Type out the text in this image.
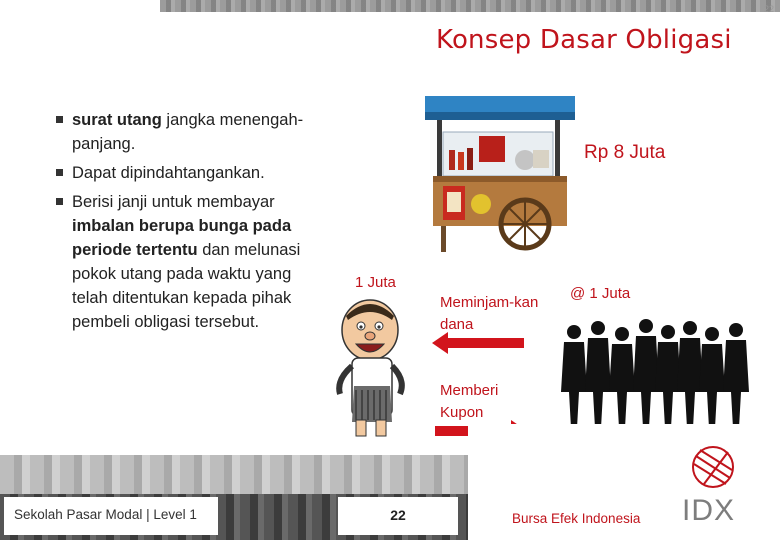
22
Konsep Dasar Obligasi
surat utang jangka menengah-panjang.
Dapat dipindahtangankan.
Berisi janji untuk membayar imbalan berupa bunga pada periode tertentu dan melunasi pokok utang pada waktu yang telah ditentukan kepada pihak pembeli obligasi tersebut.
Rp 8 Juta
1 Juta
Meminjam-kan dana
Memberi Kupon
@ 1 Juta
Sekolah Pasar Modal | Level 1	22	Bursa Efek Indonesia IDX
